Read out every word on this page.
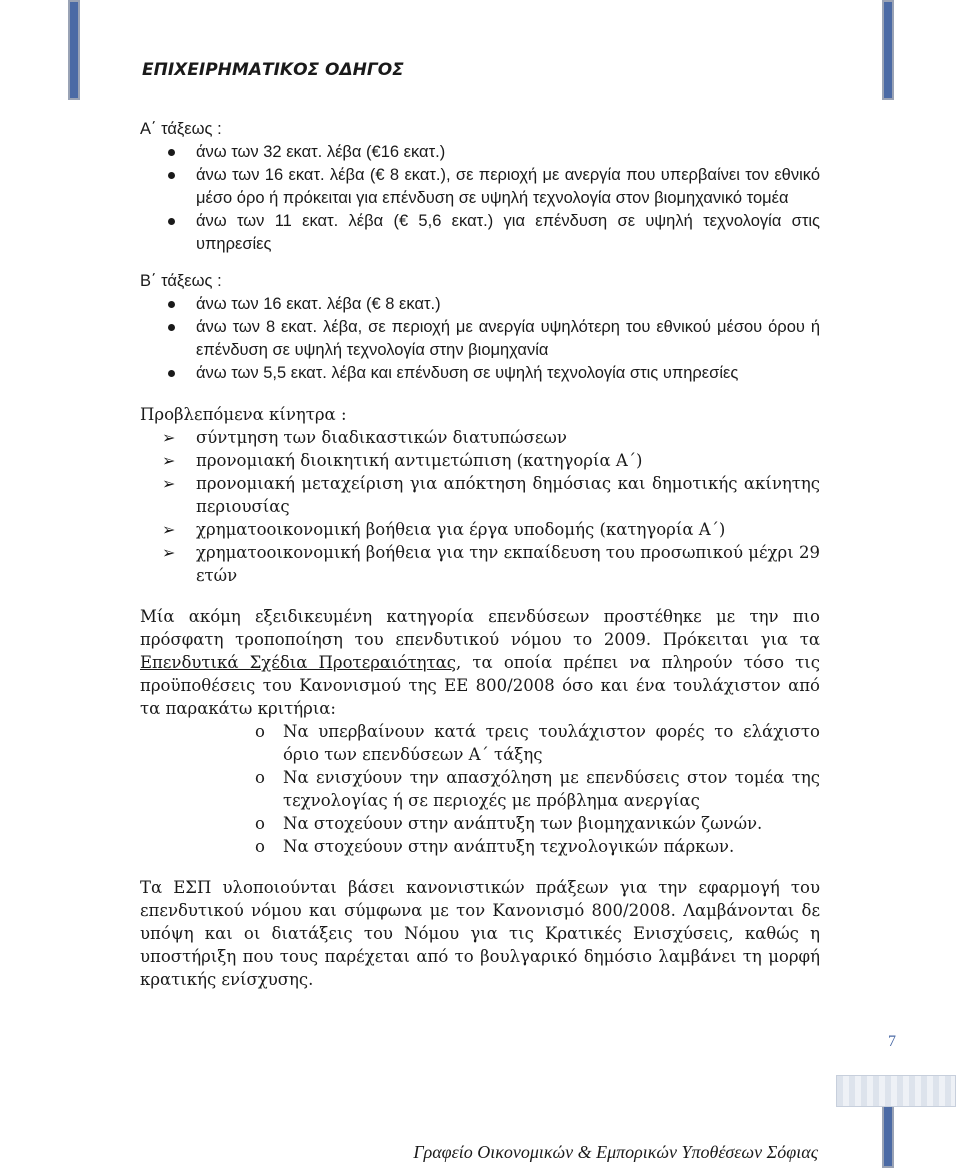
ΕΠΙΧΕΙΡΗΜΑΤΙΚΟΣ ΟΔΗΓΟΣ

Α΄ τάξεως :

άνω των 32 εκατ. λέβα (€16 εκατ.)
άνω των 16 εκατ. λέβα (€ 8 εκατ.), σε περιοχή με ανεργία που υπερβαίνει τον εθνικό μέσο όρο ή πρόκειται για επένδυση σε υψηλή τεχνολογία στον βιομηχανικό τομέα
άνω των 11 εκατ. λέβα (€ 5,6 εκατ.) για επένδυση σε υψηλή τεχνολογία στις υπηρεσίες

Β΄ τάξεως :

άνω των 16 εκατ. λέβα (€ 8 εκατ.)
άνω των 8 εκατ. λέβα, σε περιοχή με ανεργία υψηλότερη του εθνικού μέσου όρου ή επένδυση σε υψηλή τεχνολογία στην βιομηχανία
άνω των 5,5 εκατ. λέβα και επένδυση σε υψηλή τεχνολογία στις υπηρεσίες

Προβλεπόμενα κίνητρα :

➢ σύντμηση των διαδικαστικών διατυπώσεων
➢ προνομιακή διοικητική αντιμετώπιση (κατηγορία Α΄)
➢ προνομιακή μεταχείριση για απόκτηση δημόσιας και δημοτικής ακίνητης περιουσίας
➢ χρηματοοικονομική βοήθεια για έργα υποδομής (κατηγορία Α΄)
➢ χρηματοοικονομική βοήθεια για την εκπαίδευση του προσωπικού μέχρι 29 ετών

Μία ακόμη εξειδικευμένη κατηγορία επενδύσεων προστέθηκε με την πιο πρόσφατη τροποποίηση του επενδυτικού νόμου το 2009. Πρόκειται για τα Επενδυτικά Σχέδια Προτεραιότητας, τα οποία πρέπει να πληρούν τόσο τις προϋποθέσεις του Κανονισμού της ΕΕ 800/2008 όσο και ένα τουλάχιστον από τα παρακάτω κριτήρια:

o Να υπερβαίνουν κατά τρεις τουλάχιστον φορές το ελάχιστο όριο των επενδύσεων Α΄ τάξης
o Να ενισχύουν την απασχόληση με επενδύσεις στον τομέα της τεχνολογίας ή σε περιοχές με πρόβλημα ανεργίας
o Να στοχεύουν στην ανάπτυξη των βιομηχανικών ζωνών.
o Να στοχεύουν στην ανάπτυξη τεχνολογικών πάρκων.

Τα ΕΣΠ υλοποιούνται βάσει κανονιστικών πράξεων για την εφαρμογή του επενδυτικού νόμου και σύμφωνα με τον Κανονισμό 800/2008. Λαμβάνονται δε υπόψη και οι διατάξεις του Νόμου για τις Κρατικές Ενισχύσεις, καθώς η υποστήριξη που τους παρέχεται από το βουλγαρικό δημόσιο λαμβάνει τη μορφή κρατικής ενίσχυσης.

7
Γραφείο Οικονομικών & Εμπορικών Υποθέσεων Σόφιας
